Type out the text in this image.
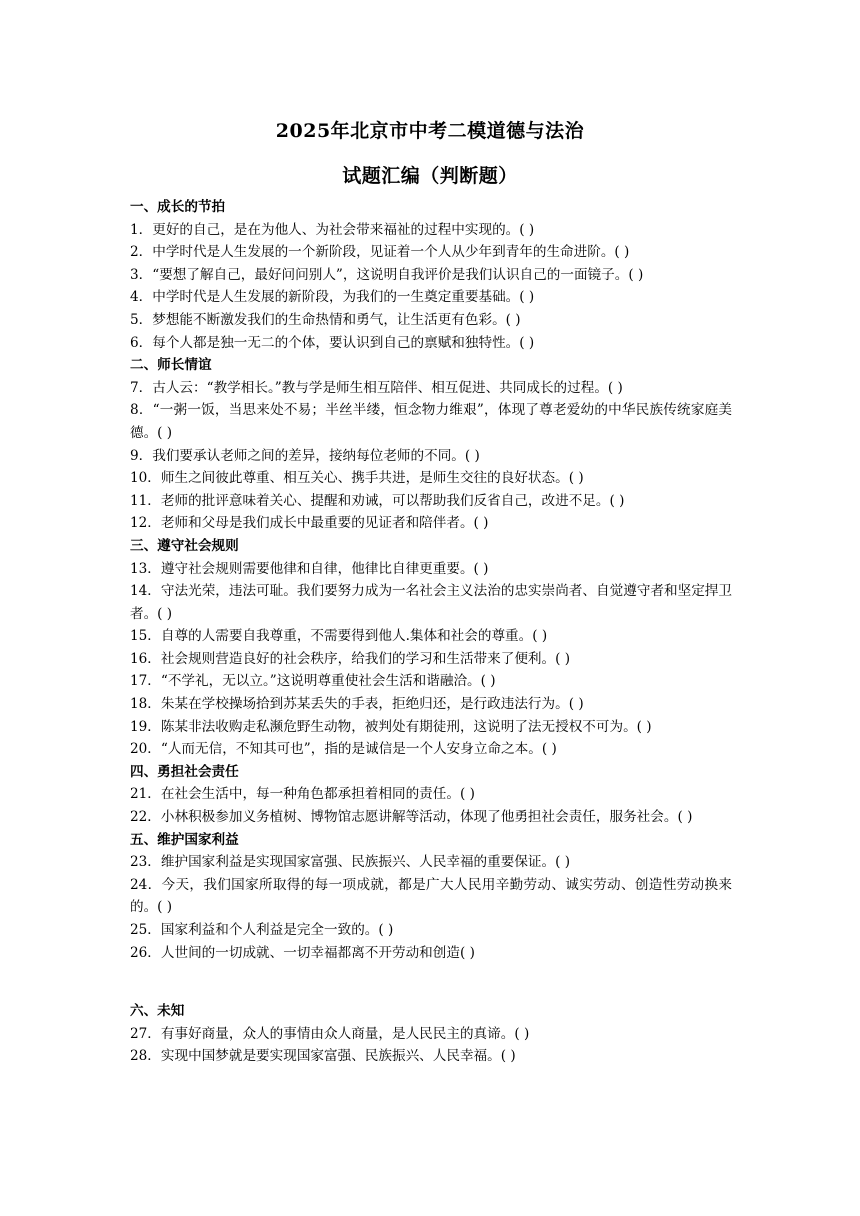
2025年北京市中考二模道德与法治
试题汇编（判断题）
一、成长的节拍
1．更好的自己，是在为他人、为社会带来福祉的过程中实现的。( )
2．中学时代是人生发展的一个新阶段，见证着一个人从少年到青年的生命进阶。( )
3．“要想了解自己，最好问问别人”，这说明自我评价是我们认识自己的一面镜子。( )
4．中学时代是人生发展的新阶段，为我们的一生奠定重要基础。( )
5．梦想能不断激发我们的生命热情和勇气，让生活更有色彩。( )
6．每个人都是独一无二的个体，要认识到自己的禀赋和独特性。( )
二、师长情谊
7．古人云：“教学相长。”教与学是师生相互陪伴、相互促进、共同成长的过程。( )
8．“一粥一饭，当思来处不易；半丝半缕，恒念物力维艰”，体现了尊老爱幼的中华民族传统家庭美德。( )
9．我们要承认老师之间的差异，接纳每位老师的不同。( )
10．师生之间彼此尊重、相互关心、携手共进，是师生交往的良好状态。( )
11．老师的批评意味着关心、提醒和劝诫，可以帮助我们反省自己，改进不足。( )
12．老师和父母是我们成长中最重要的见证者和陪伴者。( )
三、遵守社会规则
13．遵守社会规则需要他律和自律，他律比自律更重要。( )
14．守法光荣，违法可耻。我们要努力成为一名社会主义法治的忠实崇尚者、自觉遵守者和坚定捍卫者。( )
15．自尊的人需要自我尊重，不需要得到他人.集体和社会的尊重。( )
16．社会规则营造良好的社会秩序，给我们的学习和生活带来了便利。( )
17．“不学礼，无以立。”这说明尊重使社会生活和谐融洽。( )
18．朱某在学校操场拾到苏某丢失的手表，拒绝归还，是行政违法行为。( )
19．陈某非法收购走私濒危野生动物，被判处有期徒刑，这说明了法无授权不可为。( )
20．“人而无信，不知其可也”，指的是诚信是一个人安身立命之本。( )
四、勇担社会责任
21．在社会生活中，每一种角色都承担着相同的责任。( )
22．小林积极参加义务植树、博物馆志愿讲解等活动，体现了他勇担社会责任，服务社会。( )
五、维护国家利益
23．维护国家利益是实现国家富强、民族振兴、人民幸福的重要保证。( )
24．今天，我们国家所取得的每一项成就，都是广大人民用辛勤劳动、诚实劳动、创造性劳动换来的。( )
25．国家利益和个人利益是完全一致的。( )
26．人世间的一切成就、一切幸福都离不开劳动和创造( )
六、未知
27．有事好商量，众人的事情由众人商量，是人民民主的真谛。( )
28．实现中国梦就是要实现国家富强、民族振兴、人民幸福。( )
